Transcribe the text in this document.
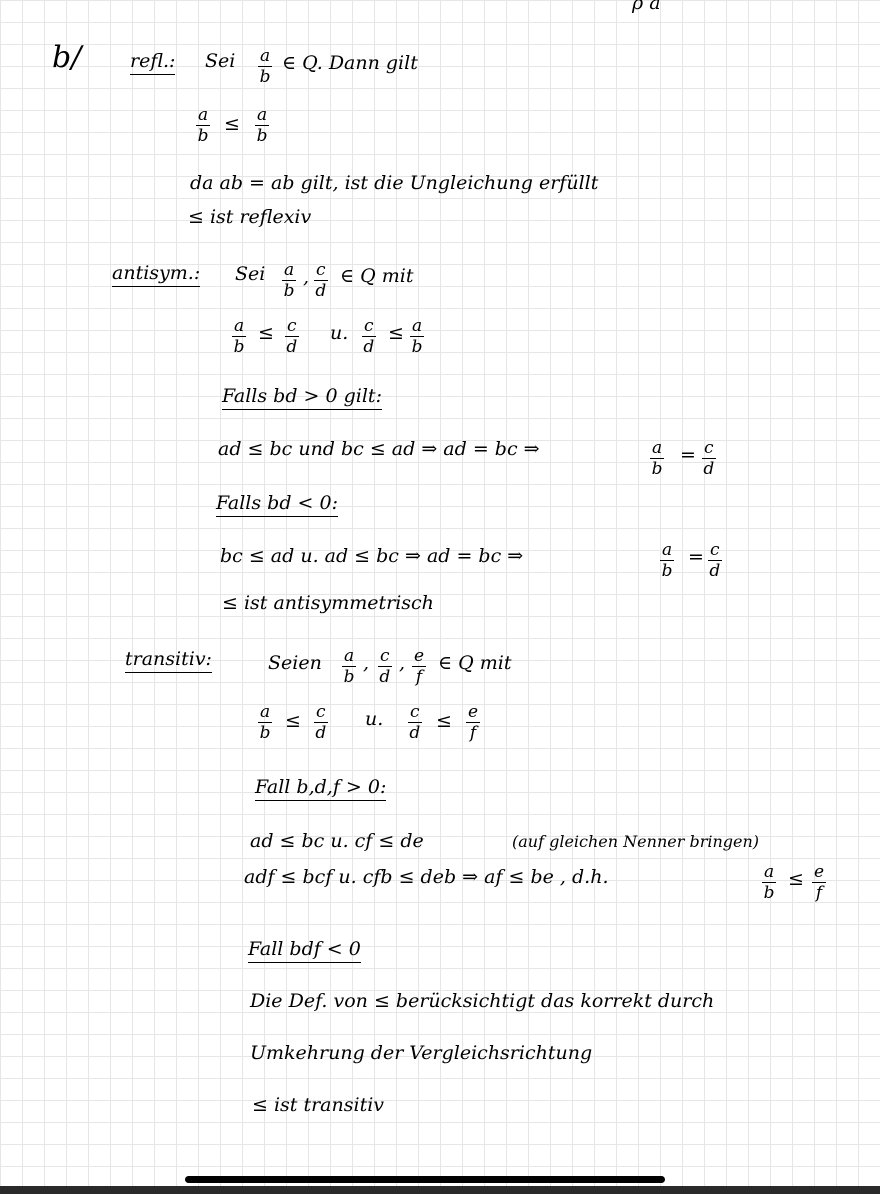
ρ a
b/	refl.: Sei $\frac{a}{b}$ ∈ Q. Dann gilt
$\frac{a}{b} \le \frac{a}{b}$
da ab = ab gilt, ist die Ungleichung erfüllt
≤ ist reflexiv
antisym.: Sei $\frac{a}{b}$ , $\frac{c}{d}$ ∈ Q mit
$\frac{a}{b} \le \frac{c}{d} u$. $\frac{c}{d} \le \frac{a}{b}$
Falls bd > 0 gilt:
ad ≤ bc und bc ≤ ad ⇒ ad = bc ⇒	$\frac{a}{b} = \frac{c}{d}$
Falls bd < 0:
bc ≤ ad u. ad ≤ bc ⇒ ad = bc ⇒	$\frac{a}{b} = \frac{c}{d}$
≤ ist antisymmetrisch
transitiv:	Seien $\frac{a}{b}$ , $\frac{c}{d}$ , $\frac{e}{f}$ ∈ Q mit
$\frac{a}{b} \le \frac{c}{d} u$. $\frac{c}{d} \le \frac{e}{f}$
Fall b,d,f > 0:
ad ≤ bc u. cf ≤ de	(auf gleichen Nenner bringen)
adf ≤ bcf u. cfb ≤ deb ⇒ af ≤ be , d.h.	$\frac{a}{b} \le \frac{e}{f}$
Fall bdf < 0
Die Def. von ≤ berücksichtigt das korrekt durch
Umkehrung der Vergleichsrichtung
≤ ist transitiv
